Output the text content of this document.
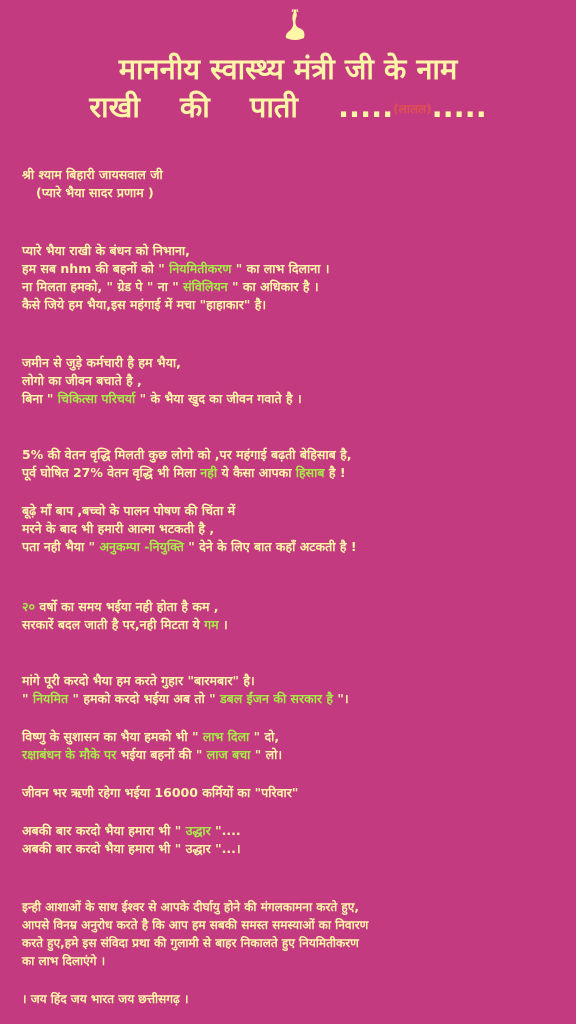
माननीय स्वास्थ्य मंत्री जी के नाम
राखी की पाती .....(लालल).....
श्री श्याम बिहारी जायसवाल जी
(प्यारे भैया सादर प्रणाम )
प्यारे भैया राखी के बंधन को निभाना,
हम सब nhm की बहनों को " नियमितीकरण " का लाभ दिलाना ।
ना मिलता हमको, " ग्रेड पे " ना " संविलियन " का अधिकार है ।
कैसे जिये हम भैया,इस महंगाई में मचा "हाहाकार" है।
जमीन से जुड़े कर्मचारी है हम भैया,
लोगो का जीवन बचाते है ,
बिना " चिकित्सा परिचर्या " के भैया खुद का जीवन गवाते है ।
5% की वेतन वृद्धि मिलती कुछ लोगो को ,पर महंगाई बढ़ती बेहिसाब है,
पूर्व घोषित 27% वेतन वृद्धि भी मिला नही ये कैसा आपका हिसाब है !
बूढ़े माँ बाप ,बच्चो के पालन पोषण की चिंता में
मरने के बाद भी हमारी आत्मा भटकती है ,
पता नही भैया " अनुकम्पा -नियुक्ति " देने के लिए बात कहाँ अटकती है !
२० वर्षो का समय भईया नही होता है कम ,
सरकारें बदल जाती है पर,नही मिटता ये गम ।
मांगे पूरी करदो भैया हम करते गुहार "बारमबार" है।
" नियमित " हमको करदो भईया अब तो " डबल ईंजन की सरकार है "।
विष्णु के सुशासन का भैया हमको भी " लाभ दिला " दो,
रक्षाबंधन के मौके पर भईया बहनों की " लाज बचा " लो।
जीवन भर ऋणी रहेगा भईया 16000 कर्मियों का "परिवार"
अबकी बार करदो भैया हमारा भी " उद्धार "....
अबकी बार करदो भैया हमारा भी " उद्धार "...।
इन्ही आशाओं के साथ ईश्वर से आपके दीर्घायु होने की मंगलकामना करते हुए,
आपसे विनम्र अनुरोध करते है कि आप हम सबकी समस्त समस्याओं का निवारण
करते हुए,हमे इस संविदा प्रथा की गुलामी से बाहर निकालते हुए नियमितीकरण
का लाभ दिलाएंगे ।
। जय हिंद जय भारत जय छत्तीसगढ़ ।
